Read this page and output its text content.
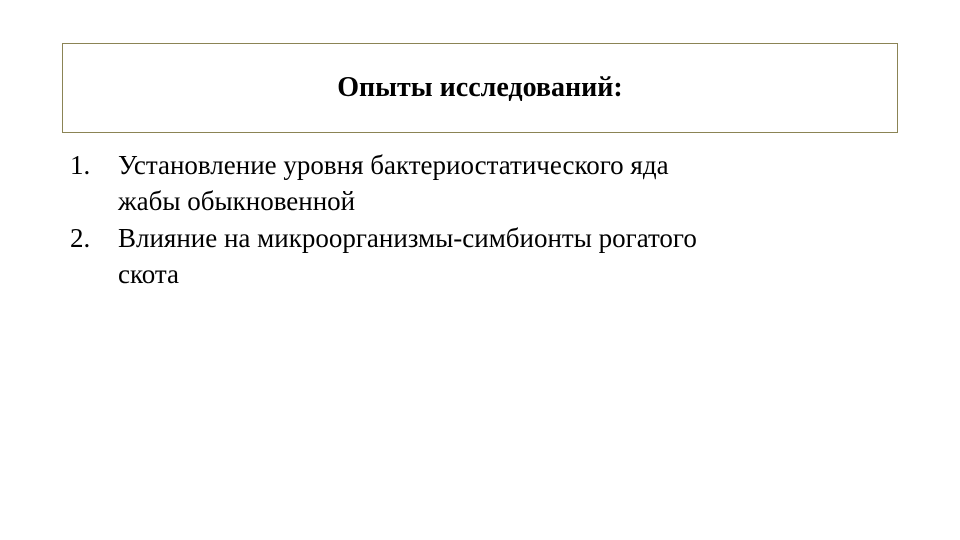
Опыты исследований:
1.	Установление уровня бактериостатического яда жабы обыкновенной
2.	Влияние на микроорганизмы-симбионты рогатого скота
